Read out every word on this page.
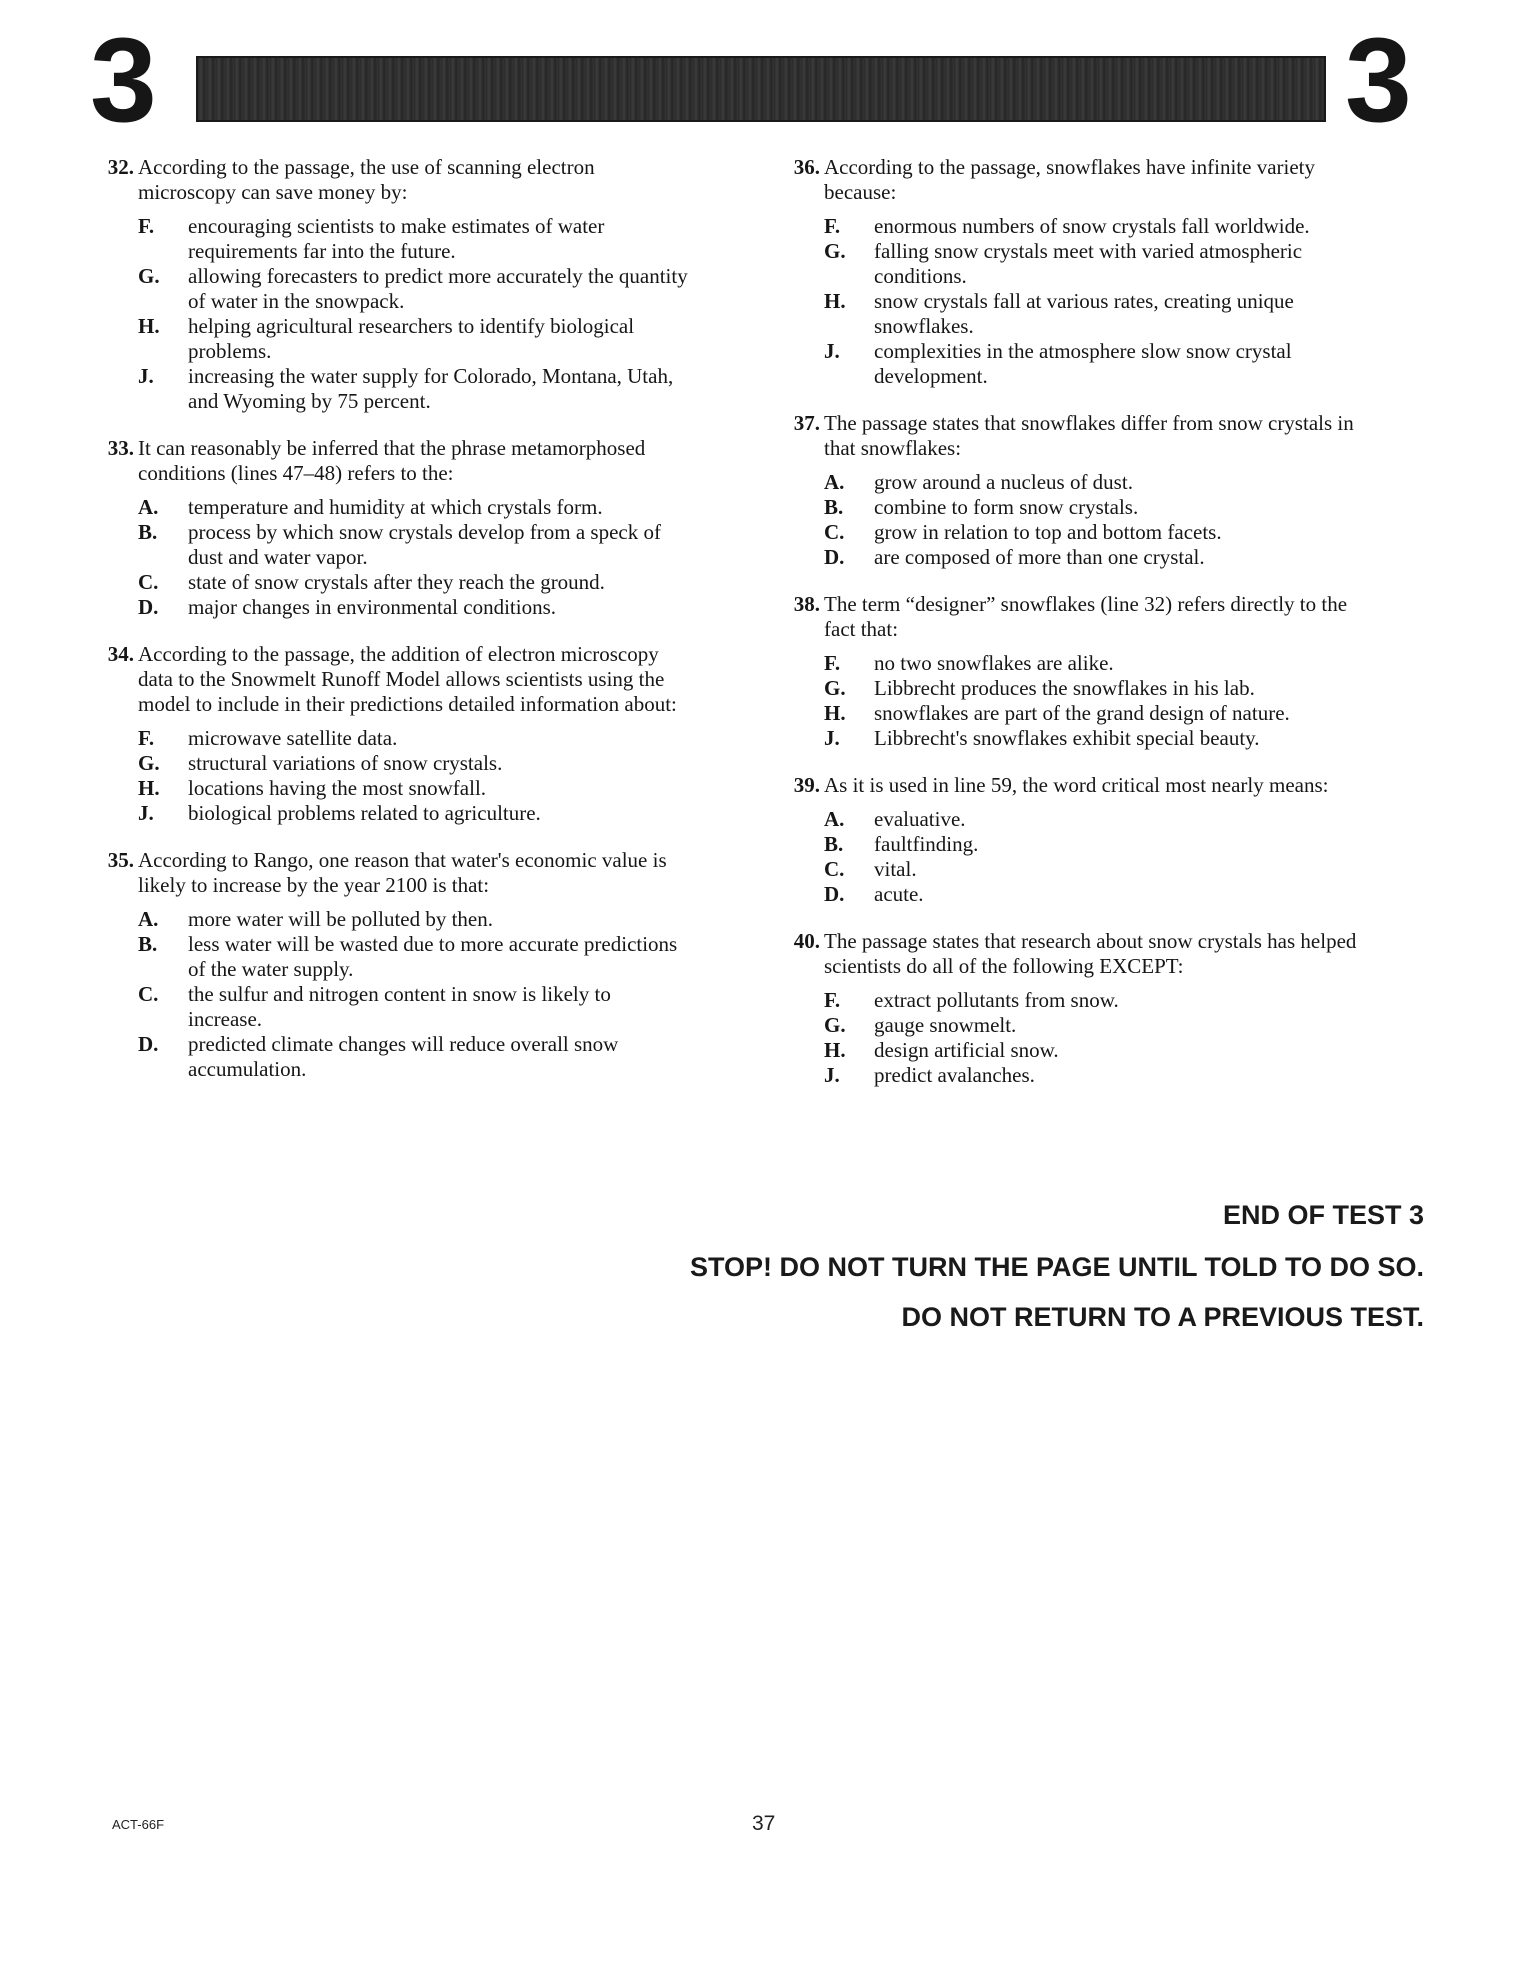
3	3
32. According to the passage, the use of scanning electron microscopy can save money by:
F.	encouraging scientists to make estimates of water requirements far into the future.
G.	allowing forecasters to predict more accurately the quantity of water in the snowpack.
H.	helping agricultural researchers to identify biological problems.
J.	increasing the water supply for Colorado, Montana, Utah, and Wyoming by 75 percent.
33. It can reasonably be inferred that the phrase metamorphosed conditions (lines 47–48) refers to the:
A.	temperature and humidity at which crystals form.
B.	process by which snow crystals develop from a speck of dust and water vapor.
C.	state of snow crystals after they reach the ground.
D.	major changes in environmental conditions.
34. According to the passage, the addition of electron microscopy data to the Snowmelt Runoff Model allows scientists using the model to include in their predictions detailed information about:
F.	microwave satellite data.
G.	structural variations of snow crystals.
H.	locations having the most snowfall.
J.	biological problems related to agriculture.
35. According to Rango, one reason that water's economic value is likely to increase by the year 2100 is that:
A.	more water will be polluted by then.
B.	less water will be wasted due to more accurate predictions of the water supply.
C.	the sulfur and nitrogen content in snow is likely to increase.
D.	predicted climate changes will reduce overall snow accumulation.
36. According to the passage, snowflakes have infinite variety because:
F.	enormous numbers of snow crystals fall worldwide.
G.	falling snow crystals meet with varied atmospheric conditions.
H.	snow crystals fall at various rates, creating unique snowflakes.
J.	complexities in the atmosphere slow snow crystal development.
37. The passage states that snowflakes differ from snow crystals in that snowflakes:
A.	grow around a nucleus of dust.
B.	combine to form snow crystals.
C.	grow in relation to top and bottom facets.
D.	are composed of more than one crystal.
38. The term “designer” snowflakes (line 32) refers directly to the fact that:
F.	no two snowflakes are alike.
G.	Libbrecht produces the snowflakes in his lab.
H.	snowflakes are part of the grand design of nature.
J.	Libbrecht's snowflakes exhibit special beauty.
39. As it is used in line 59, the word critical most nearly means:
A.	evaluative.
B.	faultfinding.
C.	vital.
D.	acute.
40. The passage states that research about snow crystals has helped scientists do all of the following EXCEPT:
F.	extract pollutants from snow.
G.	gauge snowmelt.
H.	design artificial snow.
J.	predict avalanches.
END OF TEST 3
STOP! DO NOT TURN THE PAGE UNTIL TOLD TO DO SO.
DO NOT RETURN TO A PREVIOUS TEST.
ACT-66F	37
